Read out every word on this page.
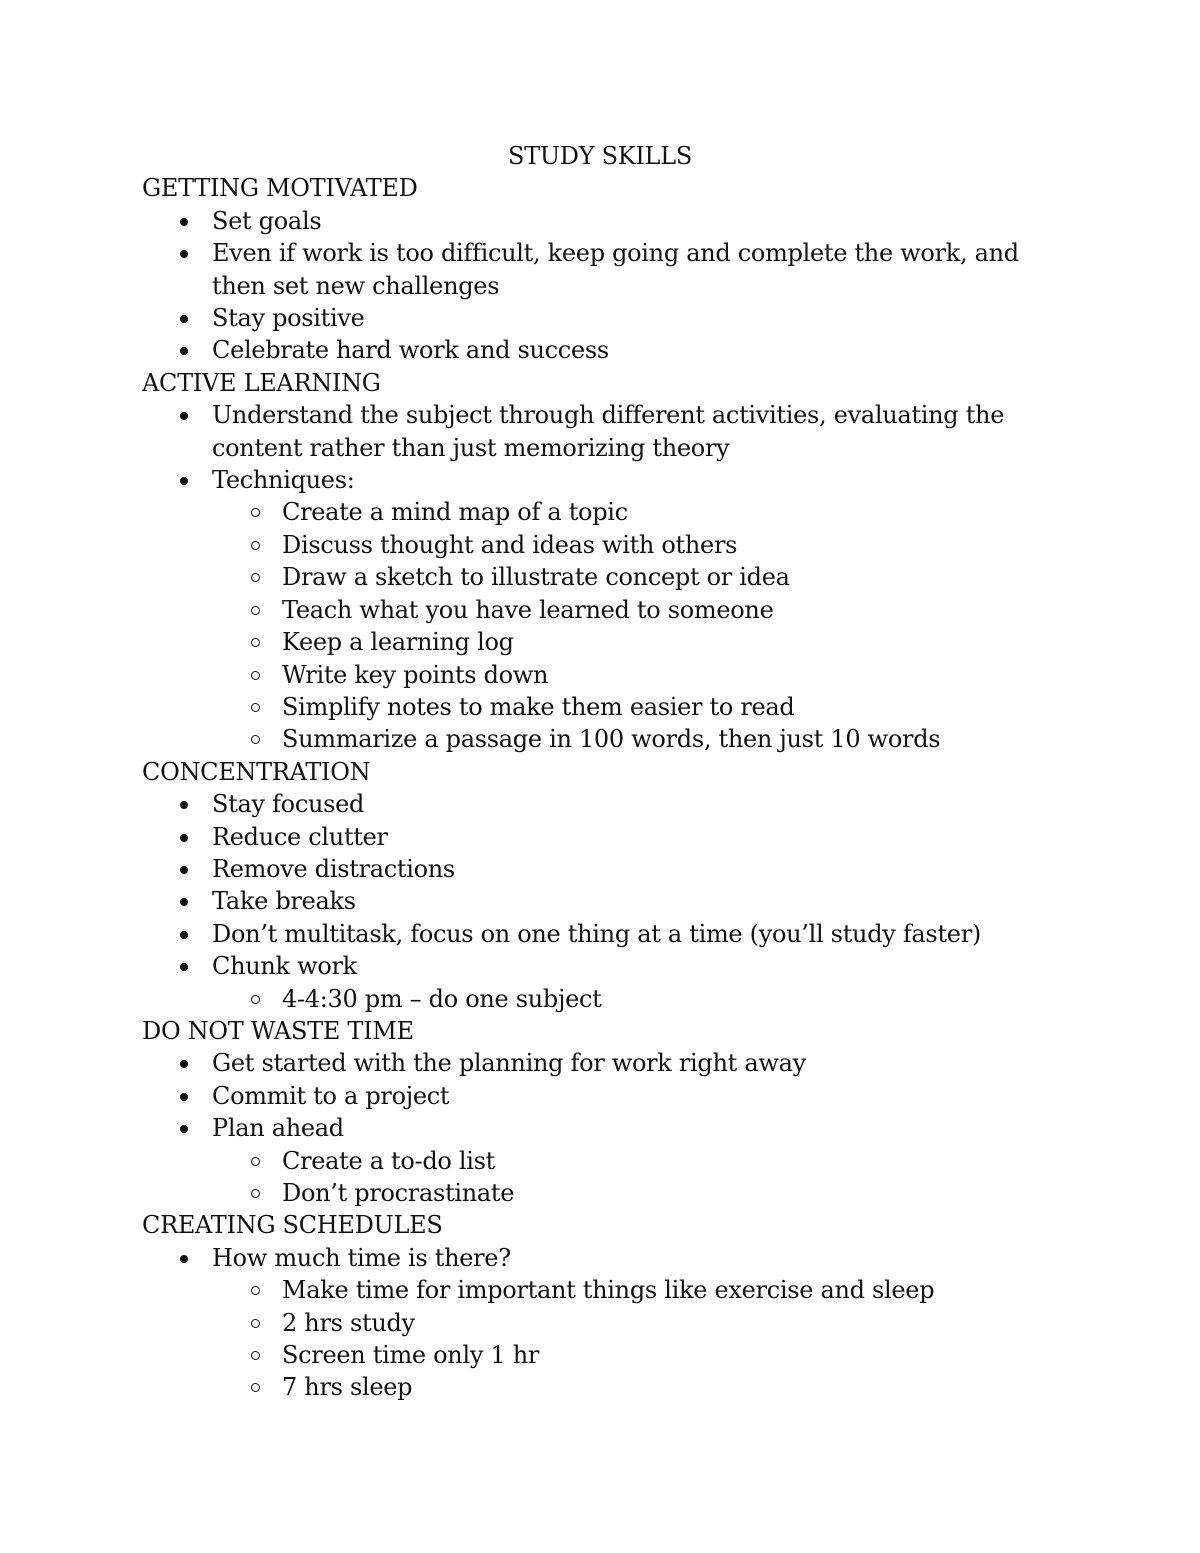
STUDY SKILLS
GETTING MOTIVATED
Set goals
Even if work is too difficult, keep going and complete the work, and then set new challenges
Stay positive
Celebrate hard work and success
ACTIVE LEARNING
Understand the subject through different activities, evaluating the content rather than just memorizing theory
Techniques:
Create a mind map of a topic
Discuss thought and ideas with others
Draw a sketch to illustrate concept or idea
Teach what you have learned to someone
Keep a learning log
Write key points down
Simplify notes to make them easier to read
Summarize a passage in 100 words, then just 10 words
CONCENTRATION
Stay focused
Reduce clutter
Remove distractions
Take breaks
Don’t multitask, focus on one thing at a time (you’ll study faster)
Chunk work
4-4:30 pm – do one subject
DO NOT WASTE TIME
Get started with the planning for work right away
Commit to a project
Plan ahead
Create a to-do list
Don’t procrastinate
CREATING SCHEDULES
How much time is there?
Make time for important things like exercise and sleep
2 hrs study
Screen time only 1 hr
7 hrs sleep
